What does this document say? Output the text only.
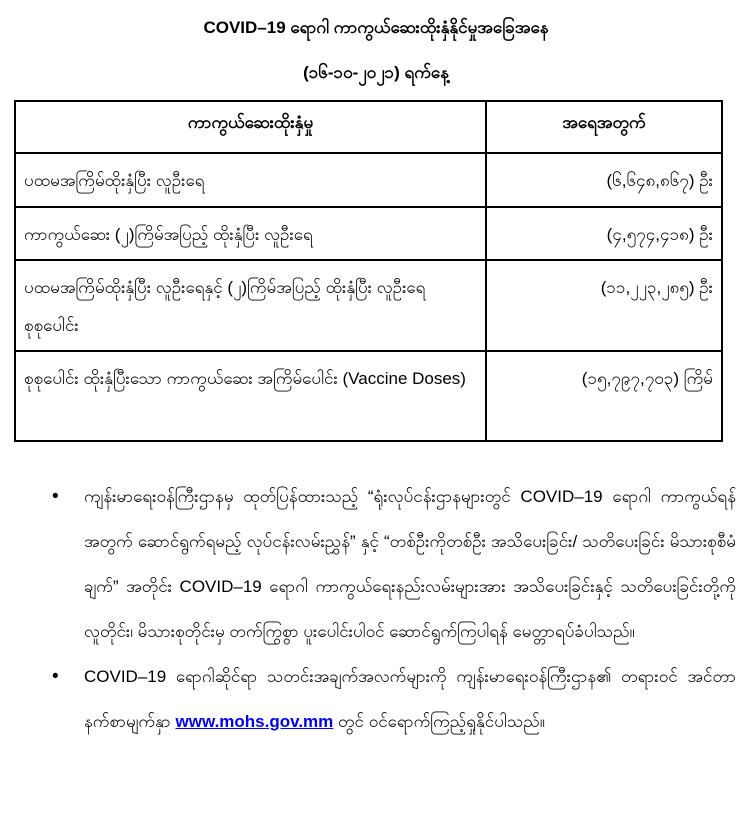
COVID–19 ရောဂါ ကာကွယ်ဆေးထိုးနှံနိုင်မှုအခြေအနေ
(၁၆-၁၀-၂၀၂၁) ရက်နေ့
ကာကွယ်ဆေးထိုးနှံမှု	အရေအတွက်
ပထမအကြိမ်ထိုးနှံပြီး လူဦးရေ	(၆,၆၄၈,၈၆၇) ဦး
ကာကွယ်ဆေး (၂)ကြိမ်အပြည့် ထိုးနှံပြီး လူဦးရေ	(၄,၅၇၄,၄၁၈) ဦး
ပထမအကြိမ်ထိုးနှံပြီး လူဦးရေနှင့် (၂)ကြိမ်အပြည့် ထိုးနှံပြီး လူဦးရေစုစုပေါင်း	(၁၁,၂၂၃,၂၈၅) ဦး
စုစုပေါင်း ထိုးနှံပြီးသော ကာကွယ်ဆေး အကြိမ်ပေါင်း (Vaccine Doses)	(၁၅,၇၉၇,၇၀၃) ကြိမ်
• ကျန်းမာရေးဝန်ကြီးဌာနမှ ထုတ်ပြန်ထားသည့် “ရုံးလုပ်ငန်းဌာနများတွင် COVID–19 ရောဂါ ကာကွယ်ရန်အတွက် ဆောင်ရွက်ရမည့် လုပ်ငန်းလမ်းညွှန်” နှင့် “တစ်ဦးကိုတစ်ဦး အသိပေးခြင်း/ သတိပေးခြင်း မိသားစုစီမံချက်” အတိုင်း COVID–19 ရောဂါ ကာကွယ်ရေးနည်းလမ်းများအား အသိပေးခြင်းနှင့် သတိပေးခြင်းတို့ကို လူတိုင်း၊ မိသားစုတိုင်းမှ တက်ကြွစွာ ပူးပေါင်းပါဝင် ဆောင်ရွက်ကြပါရန် မေတ္တာရပ်ခံပါသည်။
• COVID–19 ရောဂါဆိုင်ရာ သတင်းအချက်အလက်များကို ကျန်းမာရေးဝန်ကြီးဌာန၏ တရားဝင် အင်တာနက်စာမျက်နှာ www.mohs.gov.mm တွင် ဝင်ရောက်ကြည့်ရှုနိုင်ပါသည်။
